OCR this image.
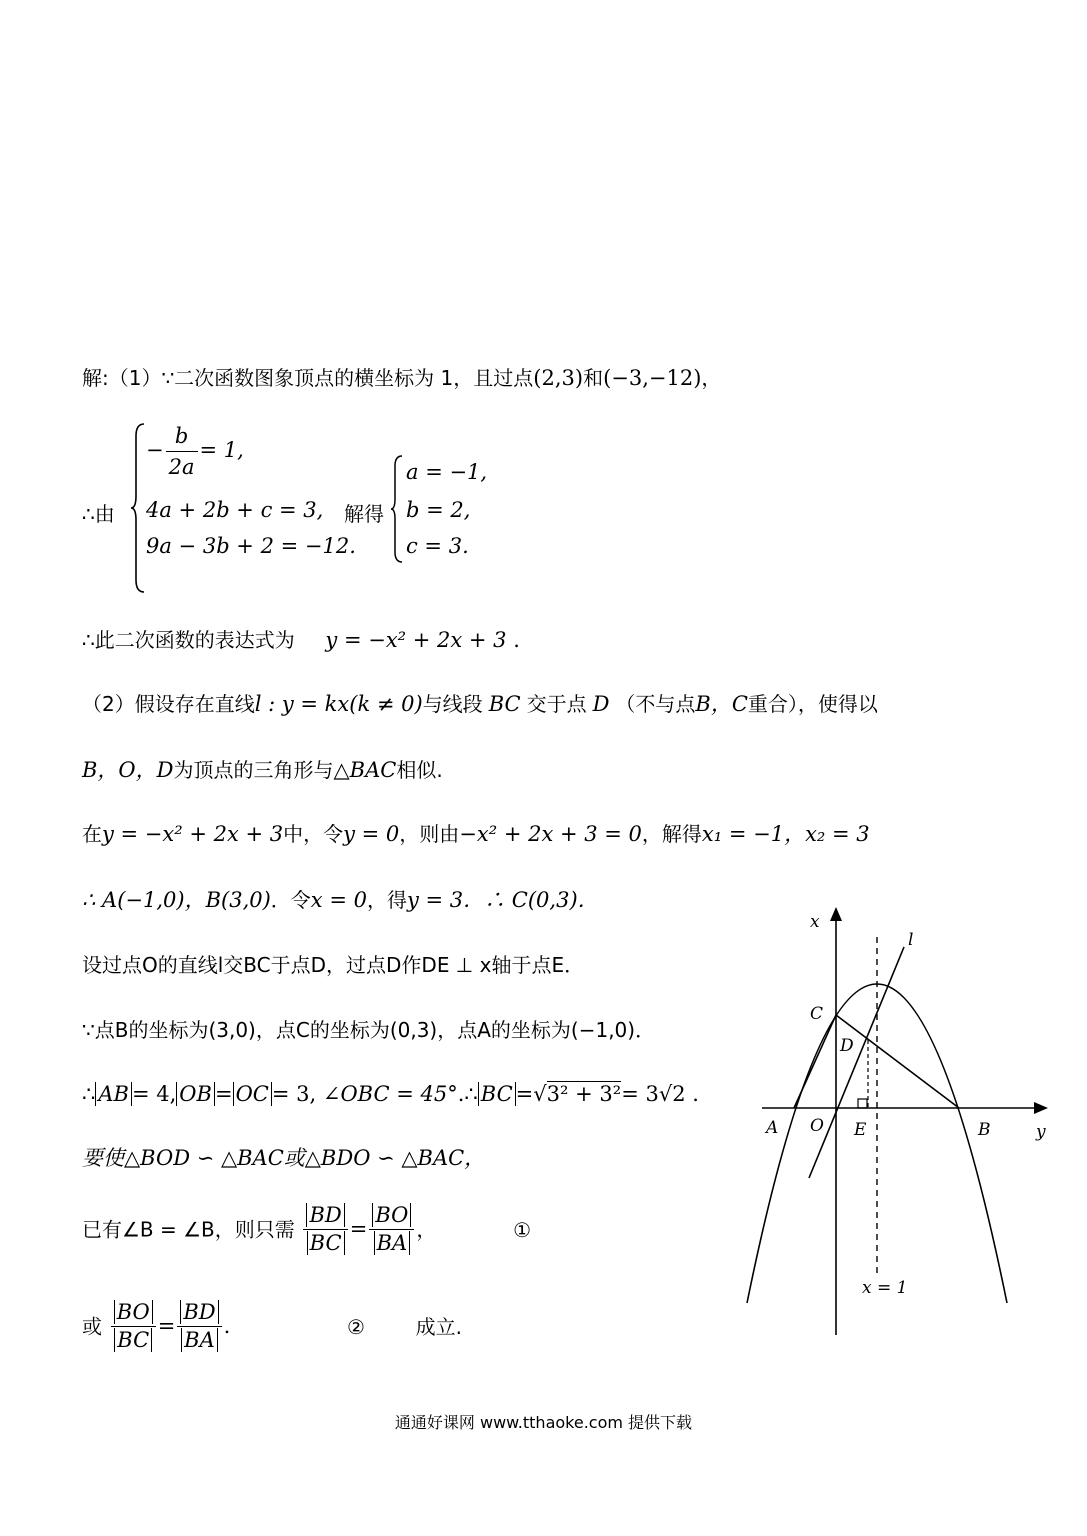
解:（1）∵二次函数图象顶点的横坐标为 1，且过点(2,3)和(−3,−12)，
∴由
− $\frac{b}{2a} = 1$,
4a + 2b + c = 3,
9a − 3b + 2 = −12.
解得
a = −1,
b = 2,
c = 3.
∴此二次函数的表达式为 y = −x² + 2x + 3 .
（2）假设存在直线l : y = kx(k ≠ 0)与线段 BC 交于点 D （不与点B，C重合），使得以
B，O，D为顶点的三角形与△BAC相似.
在y = −x² + 2x + 3中，令y = 0，则由−x² + 2x + 3 = 0，解得x₁ = −1，x₂ = 3
∴ A(−1,0)，B(3,0)．令x = 0，得y = 3．∴ C(0,3)．
设过点O的直线l交BC于点D，过点D作DE ⊥ x轴于点E．
∵点B的坐标为(3,0)，点C的坐标为(0,3)，点A的坐标为(−1,0)．
∴ AB = 4, OB = OC = 3, ∠OBC = 45°.∴ BC =√3² + 3²= 3√2 .
要使△BOD ∽ △BAC或△BDO ∽ △BAC，
已有∠B = ∠B，则只需 $\frac{BD}{BC} = \frac{BO}{BA}$ ，	①
或 $\frac{BO}{BC} = \frac{BD}{BA}$ .	②	成立.
x
y
l
C
D
A O E	B
x = 1
通通好课网 www.tthaoke.com 提供下载
